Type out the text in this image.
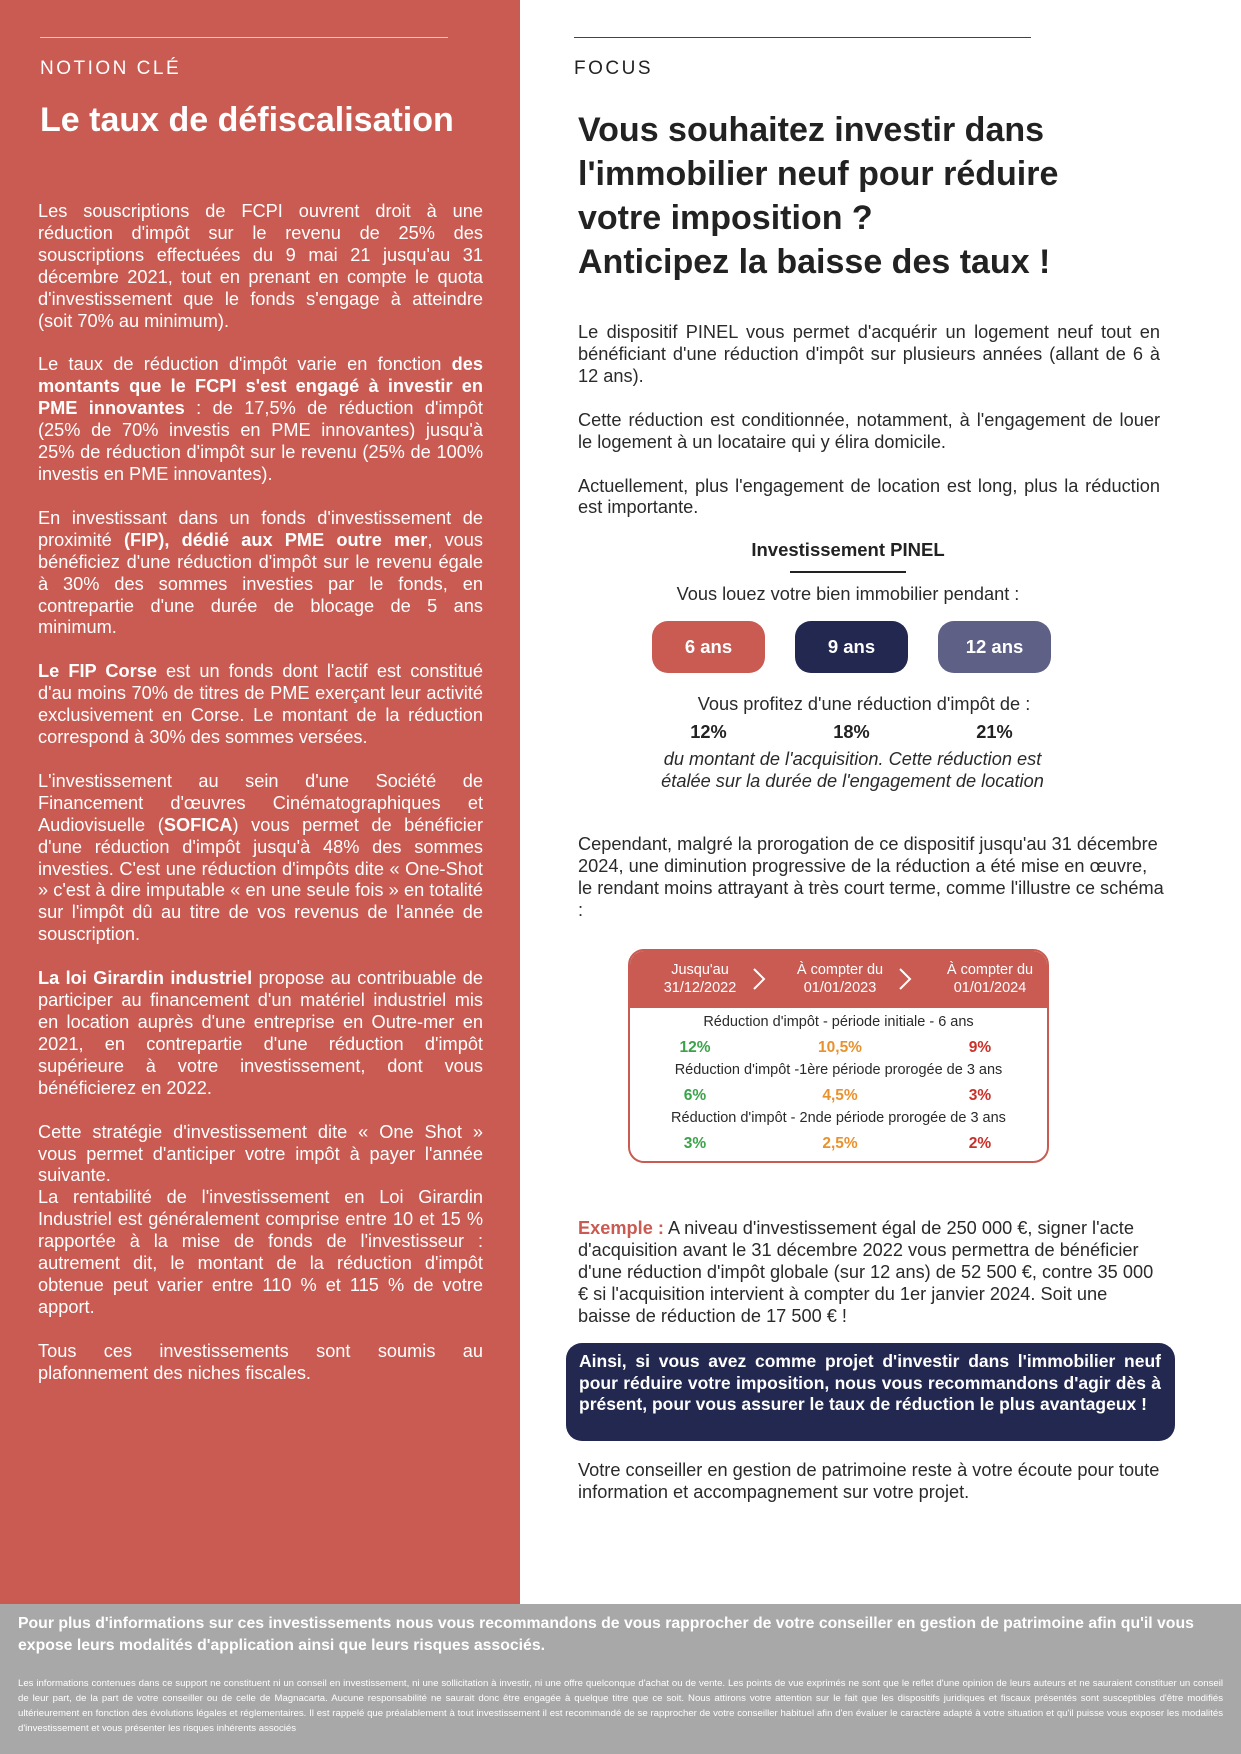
NOTION CLÉ
Le taux de défiscalisation

Les souscriptions de FCPI ouvrent droit à une réduction d'impôt sur le revenu de 25% des souscriptions effectuées du 9 mai 21 jusqu'au 31 décembre 2021, tout en prenant en compte le quota d'investissement que le fonds s'engage à atteindre (soit 70% au minimum).

Le taux de réduction d'impôt varie en fonction des montants que le FCPI s'est engagé à investir en PME innovantes : de 17,5% de réduction d'impôt (25% de 70% investis en PME innovantes) jusqu'à 25% de réduction d'impôt sur le revenu (25% de 100% investis en PME innovantes).

En investissant dans un fonds d'investissement de proximité (FIP), dédié aux PME outre mer, vous bénéficiez d'une réduction d'impôt sur le revenu égale à 30% des sommes investies par le fonds, en contrepartie d'une durée de blocage de 5 ans minimum.

Le FIP Corse est un fonds dont l'actif est constitué d'au moins 70% de titres de PME exerçant leur activité exclusivement en Corse. Le montant de la réduction correspond à 30% des sommes versées.

L'investissement au sein d'une Société de Financement d'œuvres Cinématographiques et Audiovisuelle (SOFICA) vous permet de bénéficier d'une réduction d'impôt jusqu'à 48% des sommes investies. C'est une réduction d'impôts dite « One-Shot » c'est à dire imputable « en une seule fois » en totalité sur l'impôt dû au titre de vos revenus de l'année de souscription.

La loi Girardin industriel propose au contribuable de participer au financement d'un matériel industriel mis en location auprès d'une entreprise en Outre-mer en 2021, en contrepartie d'une réduction d'impôt supérieure à votre investissement, dont vous bénéficierez en 2022.

Cette stratégie d'investissement dite « One Shot » vous permet d'anticiper votre impôt à payer l'année suivante.

La rentabilité de l'investissement en Loi Girardin Industriel est généralement comprise entre 10 et 15 % rapportée à la mise de fonds de l'investisseur : autrement dit, le montant de la réduction d'impôt obtenue peut varier entre 110 % et 115 % de votre apport.

Tous ces investissements sont soumis au plafonnement des niches fiscales.

FOCUS
Vous souhaitez investir dans
l'immobilier neuf pour réduire
votre imposition ?
Anticipez la baisse des taux !

Le dispositif PINEL vous permet d'acquérir un logement neuf tout en bénéficiant d'une réduction d'impôt sur plusieurs années (allant de 6 à 12 ans).

Cette réduction est conditionnée, notamment, à l'engagement de louer le logement à un locataire qui y élira domicile.

Actuellement, plus l'engagement de location est long, plus la réduction est importante.

Investissement PINEL
Vous louez votre bien immobilier pendant :
6 ans	9 ans	12 ans
Vous profitez d'une réduction d'impôt de :
12%	18%	21%
du montant de l'acquisition. Cette réduction est étalée sur la durée de l'engagement de location
Cependant, malgré la prorogation de ce dispositif jusqu'au 31 décembre 2024, une diminution progressive de la réduction a été mise en œuvre, le rendant moins attrayant à très court terme, comme l'illustre ce schéma :
Jusqu'au
31/12/2022
À compter du
01/01/2023
À compter du
01/01/2024
Réduction d'impôt - période initiale - 6 ans
12%	10,5%	9%
Réduction d'impôt -1ère période prorogée de 3 ans
6%	4,5%	3%
Réduction d'impôt - 2nde période prorogée de 3 ans
3%	2,5%	2%
Exemple : A niveau d'investissement égal de 250 000 €, signer l'acte d'acquisition avant le 31 décembre 2022 vous permettra de bénéficier d'une réduction d'impôt globale (sur 12 ans) de 52 500 €, contre 35 000 € si l'acquisition intervient à compter du 1er janvier 2024. Soit une baisse de réduction de 17 500 € !
Ainsi, si vous avez comme projet d'investir dans l'immobilier neuf pour réduire votre imposition, nous vous recommandons d'agir dès à présent, pour vous assurer le taux de réduction le plus avantageux !
Votre conseiller en gestion de patrimoine reste à votre écoute pour toute information et accompagnement sur votre projet.
Pour plus d'informations sur ces investissements nous vous recommandons de vous rapprocher de votre conseiller en gestion de patrimoine afin qu'il vous expose leurs modalités d'application ainsi que leurs risques associés.
Les informations contenues dans ce support ne constituent ni un conseil en investissement, ni une sollicitation à investir, ni une offre quelconque d'achat ou de vente. Les points de vue exprimés ne sont que le reflet d'une opinion de leurs auteurs et ne sauraient constituer un conseil de leur part, de la part de votre conseiller ou de celle de Magnacarta. Aucune responsabilité ne saurait donc être engagée à quelque titre que ce soit. Nous attirons votre attention sur le fait que les dispositifs juridiques et fiscaux présentés sont susceptibles d'être modifiés ultérieurement en fonction des évolutions légales et réglementaires. Il est rappelé que préalablement à tout investissement il est recommandé de se rapprocher de votre conseiller habituel afin d'en évaluer le caractère adapté à votre situation et qu'il puisse vous exposer les modalités d'investissement et vous présenter les risques inhérents associés
